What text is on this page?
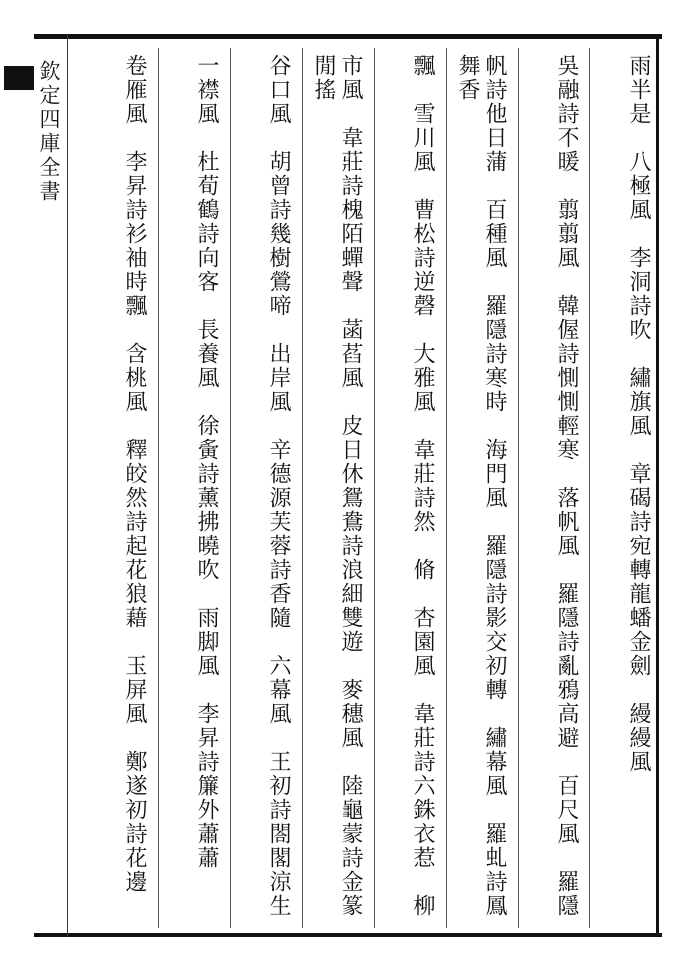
欽定四庫全書	雨半是　八極風　李洞詩吹　繡旗風　章碣詩宛轉龍蟠金劍　縵縵風
吳融詩不暖　翦翦風　韓偓詩惻惻輕寒　落帆風　羅隱詩亂鴉高避　百尺風　羅隱
帆詩他日蒲　百種風　羅隱詩寒時　海門風　羅隱詩影交初轉　繡幕風　羅虬詩鳳舞香
飄　雪川風　曹松詩逆磬　大雅風　韋莊詩然　脩　杏園風　韋莊詩六銖衣惹　柳
市風　韋莊詩槐陌蟬聲　菡萏風　皮日休鴛鴦詩浪細雙遊　麥穗風　陸龜蒙詩金篆閒搖
谷口風　胡曾詩幾樹鶯啼　出岸風　辛德源芙蓉詩香隨　六幕風　王初詩閤閣涼生
一襟風　杜荀鶴詩向客　長養風　徐夤詩薰拂曉吹　雨脚風　李昇詩簾外蕭蕭
卷雁風　李昇詩衫袖時飄　含桃風　釋皎然詩起花狼藉　玉屏風　鄭遂初詩花邊
